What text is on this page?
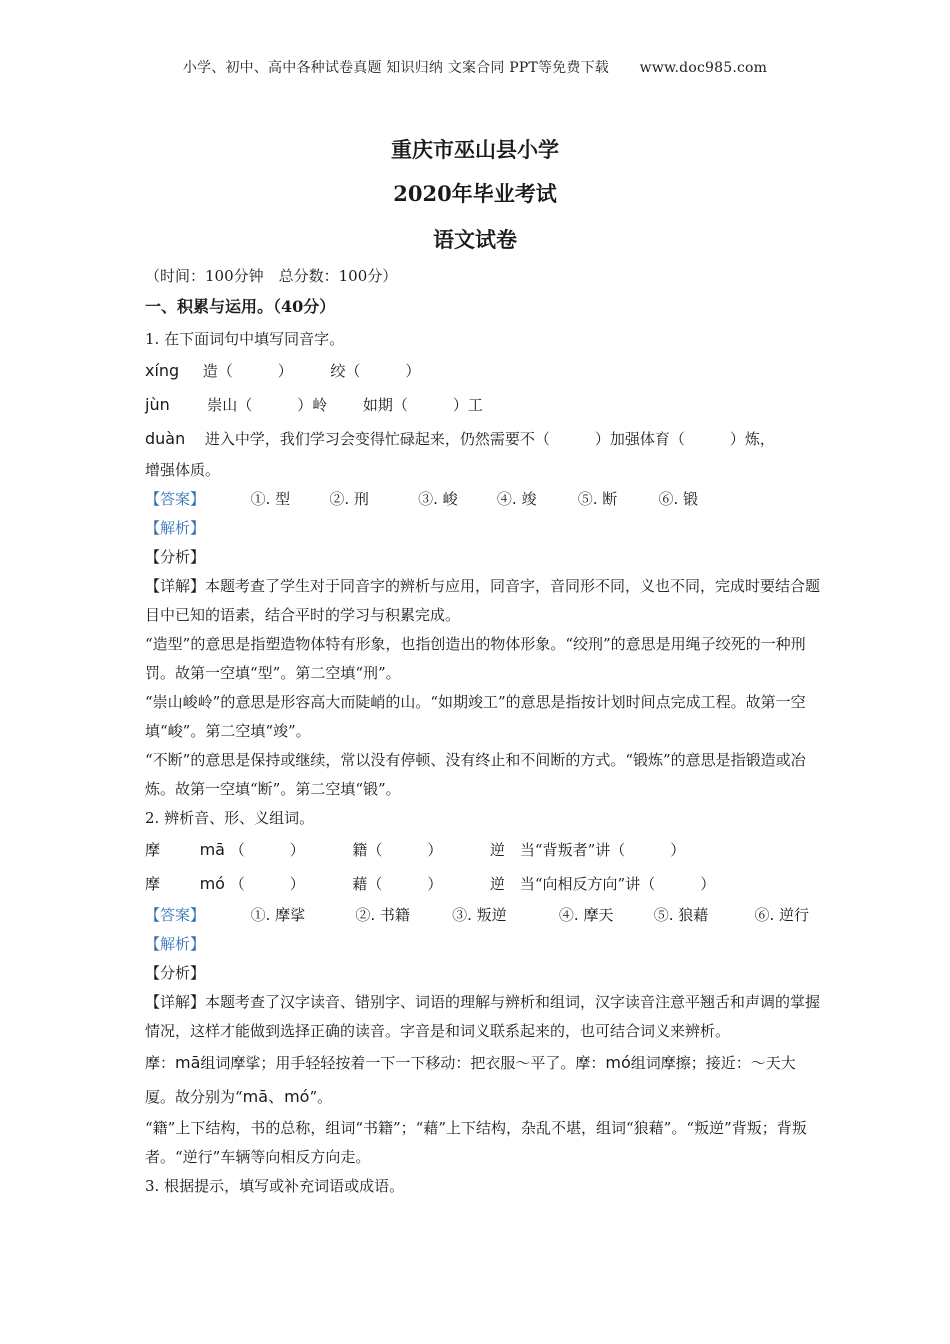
小学、初中、高中各种试卷真题 知识归纳 文案合同 PPT等免费下载 www.doc985.com
重庆市巫山县小学
2020年毕业考试
语文试卷
（时间：100分钟　总分数：100分）
一、积累与运用。（40分）
1. 在下面词句中填写同音字。
xíng 造（　　　）	绞（　　　）
jùn	崇山（　　　）岭 如期（　　　）工
duàn 进入中学，我们学习会变得忙碌起来，仍然需要不（　　　）加强体育（　　　）炼，
增强体质。
【答案】	①. 型	②. 刑	③. 峻	④. 竣	⑤. 断	⑥. 锻
【解析】
【分析】
【详解】本题考查了学生对于同音字的辨析与应用，同音字，音同形不同，义也不同，完成时要结合题目中已知的语素，结合平时的学习与积累完成。
“造型”的意思是指塑造物体特有形象，也指创造出的物体形象。“绞刑”的意思是用绳子绞死的一种刑罚。故第一空填“型”。第二空填“刑”。
“崇山峻岭”的意思是形容高大而陡峭的山。“如期竣工”的意思是指按计划时间点完成工程。故第一空填“峻”。第二空填“竣”。
“不断”的意思是保持或继续，常以没有停顿、没有终止和不间断的方式。“锻炼”的意思是指锻造或冶炼。故第一空填“断”。第二空填“锻”。
2. 辨析音、形、义组词。
摩 mā （　　　）	籍（　　　）	逆　当“背叛者”讲（　　　）
摩 mó （　　　）	藉（　　　）	逆　当“向相反方向”讲（　　　）
【答案】	①. 摩挲	②. 书籍	③. 叛逆	④. 摩天	⑤. 狼藉	⑥. 逆行
【解析】
【分析】
【详解】本题考查了汉字读音、错别字、词语的理解与辨析和组词，汉字读音注意平翘舌和声调的掌握情况，这样才能做到选择正确的读音。字音是和词义联系起来的，也可结合词义来辨析。
摩：mā组词摩挲；用手轻轻按着一下一下移动：把衣服～平了。摩：mó组词摩擦；接近：～天大厦。故分别为“mā、mó”。
“籍”上下结构，书的总称，组词“书籍”；“藉”上下结构，杂乱不堪，组词“狼藉”。“叛逆”背叛；背叛者。“逆行”车辆等向相反方向走。
3. 根据提示，填写或补充词语或成语。
